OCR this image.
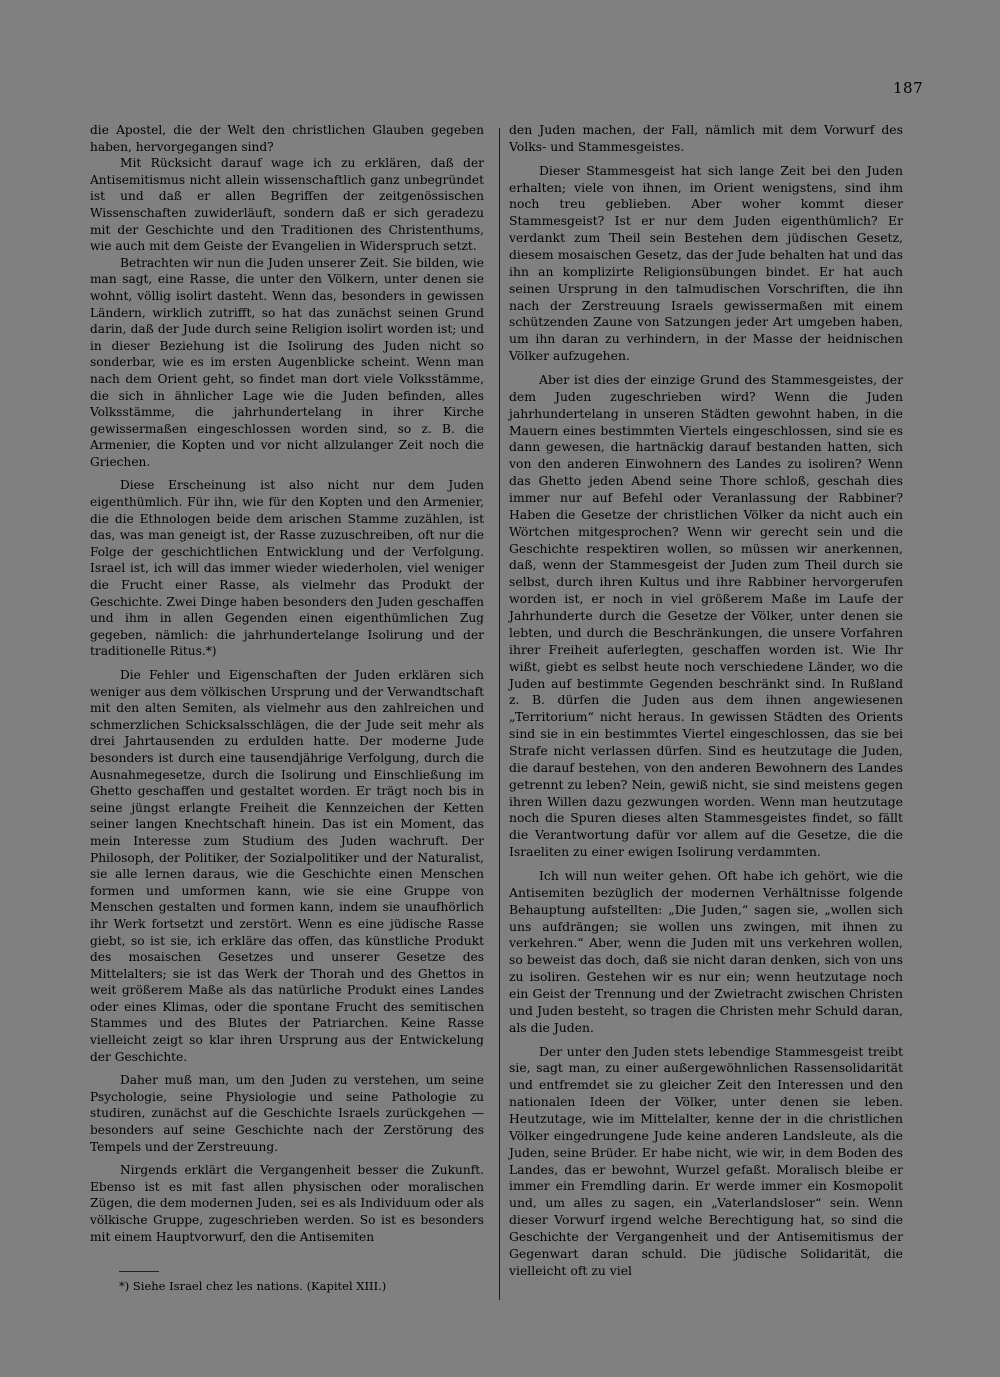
187

die Apostel, die der Welt den christlichen Glauben gegeben haben, hervorgegangen sind?

Mit Rücksicht darauf wage ich zu erklären, daß der Antisemitismus nicht allein wissenschaftlich ganz unbegründet ist und daß er allen Begriffen der zeitgenössischen Wissenschaften zuwiderläuft, sondern daß er sich geradezu mit der Geschichte und den Traditionen des Christenthums, wie auch mit dem Geiste der Evangelien in Widerspruch setzt.

Betrachten wir nun die Juden unserer Zeit. Sie bilden, wie man sagt, eine Rasse, die unter den Völkern, unter denen sie wohnt, völlig isolirt dasteht. Wenn das, besonders in gewissen Ländern, wirklich zutrifft, so hat das zunächst seinen Grund darin, daß der Jude durch seine Religion isolirt worden ist; und in dieser Beziehung ist die Isolirung des Juden nicht so sonderbar, wie es im ersten Augenblicke scheint. Wenn man nach dem Orient geht, so findet man dort viele Volksstämme, die sich in ähnlicher Lage wie die Juden befinden, alles Volksstämme, die jahrhundertelang in ihrer Kirche gewissermaßen eingeschlossen worden sind, so z. B. die Armenier, die Kopten und vor nicht allzulanger Zeit noch die Griechen.

Diese Erscheinung ist also nicht nur dem Juden eigenthümlich. Für ihn, wie für den Kopten und den Armenier, die die Ethnologen beide dem arischen Stamme zuzählen, ist das, was man geneigt ist, der Rasse zuzuschreiben, oft nur die Folge der geschichtlichen Entwicklung und der Verfolgung. Israel ist, ich will das immer wieder wiederholen, viel weniger die Frucht einer Rasse, als vielmehr das Produkt der Geschichte. Zwei Dinge haben besonders den Juden geschaffen und ihm in allen Gegenden einen eigenthümlichen Zug gegeben, nämlich: die jahrhundertelange Isolirung und der traditionelle Ritus.*)

Die Fehler und Eigenschaften der Juden erklären sich weniger aus dem völkischen Ursprung und der Verwandtschaft mit den alten Semiten, als vielmehr aus den zahlreichen und schmerzlichen Schicksalsschlägen, die der Jude seit mehr als drei Jahrtausenden zu erdulden hatte. Der moderne Jude besonders ist durch eine tausendjährige Verfolgung, durch die Ausnahmegesetze, durch die Isolirung und Einschließung im Ghetto geschaffen und gestaltet worden. Er trägt noch bis in seine jüngst erlangte Freiheit die Kennzeichen der Ketten seiner langen Knechtschaft hinein. Das ist ein Moment, das mein Interesse zum Studium des Juden wachruft. Der Philosoph, der Politiker, der Sozialpolitiker und der Naturalist, sie alle lernen daraus, wie die Geschichte einen Menschen formen und umformen kann, wie sie eine Gruppe von Menschen gestalten und formen kann, indem sie unaufhörlich ihr Werk fortsetzt und zerstört. Wenn es eine jüdische Rasse giebt, so ist sie, ich erkläre das offen, das künstliche Produkt des mosaischen Gesetzes und unserer Gesetze des Mittelalters; sie ist das Werk der Thorah und des Ghettos in weit größerem Maße als das natürliche Produkt eines Landes oder eines Klimas, oder die spontane Frucht des semitischen Stammes und des Blutes der Patriarchen. Keine Rasse vielleicht zeigt so klar ihren Ursprung aus der Entwickelung der Geschichte.

Daher muß man, um den Juden zu verstehen, um seine Psychologie, seine Physiologie und seine Pathologie zu studiren, zunächst auf die Geschichte Israels zurückgehen — besonders auf seine Geschichte nach der Zerstörung des Tempels und der Zerstreuung.

Nirgends erklärt die Vergangenheit besser die Zukunft. Ebenso ist es mit fast allen physischen oder moralischen Zügen, die dem modernen Juden, sei es als Individuum oder als völkische Gruppe, zugeschrieben werden. So ist es besonders mit einem Hauptvorwurf, den die Antisemiten

den Juden machen, der Fall, nämlich mit dem Vorwurf des Volks- und Stammesgeistes.

Dieser Stammesgeist hat sich lange Zeit bei den Juden erhalten; viele von ihnen, im Orient wenigstens, sind ihm noch treu geblieben. Aber woher kommt dieser Stammesgeist? Ist er nur dem Juden eigenthümlich? Er verdankt zum Theil sein Bestehen dem jüdischen Gesetz, diesem mosaischen Gesetz, das der Jude behalten hat und das ihn an komplizirte Religionsübungen bindet. Er hat auch seinen Ursprung in den talmudischen Vorschriften, die ihn nach der Zerstreuung Israels gewissermaßen mit einem schützenden Zaune von Satzungen jeder Art umgeben haben, um ihn daran zu verhindern, in der Masse der heidnischen Völker aufzugehen.

Aber ist dies der einzige Grund des Stammesgeistes, der dem Juden zugeschrieben wird? Wenn die Juden jahrhundertelang in unseren Städten gewohnt haben, in die Mauern eines bestimmten Viertels eingeschlossen, sind sie es dann gewesen, die hartnäckig darauf bestanden hatten, sich von den anderen Einwohnern des Landes zu isoliren? Wenn das Ghetto jeden Abend seine Thore schloß, geschah dies immer nur auf Befehl oder Veranlassung der Rabbiner? Haben die Gesetze der christlichen Völker da nicht auch ein Wörtchen mitgesprochen? Wenn wir gerecht sein und die Geschichte respektiren wollen, so müssen wir anerkennen, daß, wenn der Stammesgeist der Juden zum Theil durch sie selbst, durch ihren Kultus und ihre Rabbiner hervorgerufen worden ist, er noch in viel größerem Maße im Laufe der Jahrhunderte durch die Gesetze der Völker, unter denen sie lebten, und durch die Beschränkungen, die unsere Vorfahren ihrer Freiheit auferlegten, geschaffen worden ist. Wie Ihr wißt, giebt es selbst heute noch verschiedene Länder, wo die Juden auf bestimmte Gegenden beschränkt sind. In Rußland z. B. dürfen die Juden aus dem ihnen angewiesenen „Territorium“ nicht heraus. In gewissen Städten des Orients sind sie in ein bestimmtes Viertel eingeschlossen, das sie bei Strafe nicht verlassen dürfen. Sind es heutzutage die Juden, die darauf bestehen, von den anderen Bewohnern des Landes getrennt zu leben? Nein, gewiß nicht, sie sind meistens gegen ihren Willen dazu gezwungen worden. Wenn man heutzutage noch die Spuren dieses alten Stammesgeistes findet, so fällt die Verantwortung dafür vor allem auf die Gesetze, die die Israeliten zu einer ewigen Isolirung verdammten.

Ich will nun weiter gehen. Oft habe ich gehört, wie die Antisemiten bezüglich der modernen Verhältnisse folgende Behauptung aufstellten: „Die Juden,“ sagen sie, „wollen sich uns aufdrängen; sie wollen uns zwingen, mit ihnen zu verkehren.“ Aber, wenn die Juden mit uns verkehren wollen, so beweist das doch, daß sie nicht daran denken, sich von uns zu isoliren. Gestehen wir es nur ein; wenn heutzutage noch ein Geist der Trennung und der Zwietracht zwischen Christen und Juden besteht, so tragen die Christen mehr Schuld daran, als die Juden.

Der unter den Juden stets lebendige Stammesgeist treibt sie, sagt man, zu einer außergewöhnlichen Rassensolidarität und entfremdet sie zu gleicher Zeit den Interessen und den nationalen Ideen der Völker, unter denen sie leben. Heutzutage, wie im Mittelalter, kenne der in die christlichen Völker eingedrungene Jude keine anderen Landsleute, als die Juden, seine Brüder. Er habe nicht, wie wir, in dem Boden des Landes, das er bewohnt, Wurzel gefaßt. Moralisch bleibe er immer ein Fremdling darin. Er werde immer ein Kosmopolit und, um alles zu sagen, ein „Vaterlandsloser“ sein. Wenn dieser Vorwurf irgend welche Berechtigung hat, so sind die Geschichte der Vergangenheit und der Antisemitismus der Gegenwart daran schuld. Die jüdische Solidarität, die vielleicht oft zu viel

*) Siehe Israel chez les nations. (Kapitel XIII.)
